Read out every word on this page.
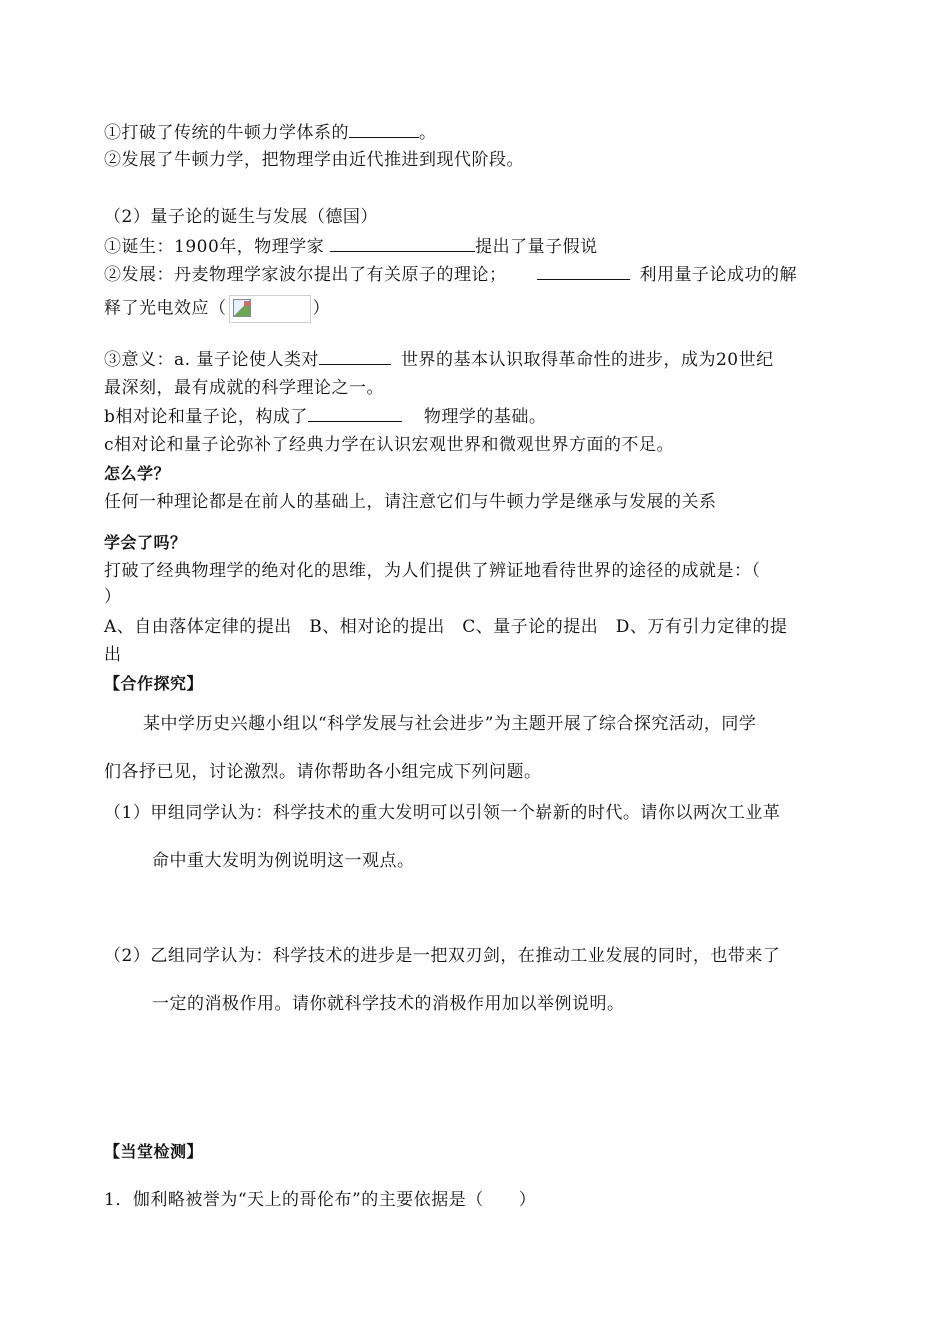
①打破了传统的牛顿力学体系的	。
②发展了牛顿力学，把物理学由近代推进到现代阶段。
（2）量子论的诞生与发展（德国）
①诞生：1900年，物理学家	提出了量子假说
②发展：丹麦物理学家波尔提出了有关原子的理论；	利用量子论成功的解
释了光电效应（	）
③意义：a. 量子论使人类对	世界的基本认识取得革命性的进步，成为20世纪
最深刻，最有成就的科学理论之一。
b相对论和量子论，构成了	物理学的基础。
c相对论和量子论弥补了经典力学在认识宏观世界和微观世界方面的不足。
怎么学？
任何一种理论都是在前人的基础上，请注意它们与牛顿力学是继承与发展的关系
学会了吗？
打破了经典物理学的绝对化的思维，为人们提供了辨证地看待世界的途径的成就是：（
）
A、自由落体定律的提出　B、相对论的提出　C、量子论的提出　D、万有引力定律的提
出
【合作探究】
某中学历史兴趣小组以“科学发展与社会进步”为主题开展了综合探究活动，同学
们各抒已见，讨论激烈。请你帮助各小组完成下列问题。
（1）甲组同学认为：科学技术的重大发明可以引领一个崭新的时代。请你以两次工业革
命中重大发明为例说明这一观点。
（2）乙组同学认为：科学技术的进步是一把双刃剑，在推动工业发展的同时，也带来了
一定的消极作用。请你就科学技术的消极作用加以举例说明。
【当堂检测】
1．伽利略被誉为“天上的哥伦布”的主要依据是（　　）
